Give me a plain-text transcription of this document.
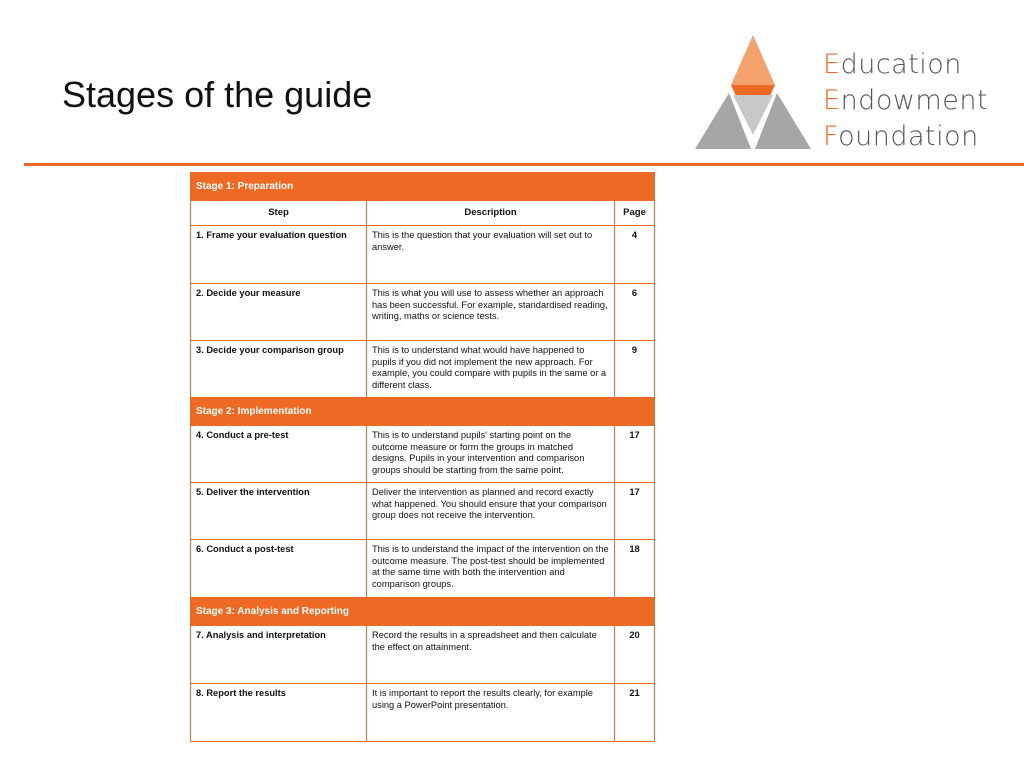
Stages of the guide
Education
Endowment
Foundation
Stage 1: Preparation		
Step	Description	Page
1. Frame your evaluation question	This is the question that your evaluation will set out to answer.	4
2. Decide your measure	This is what you will use to assess whether an approach has been successful. For example, standardised reading, writing, maths or science tests.	6
3. Decide your comparison group	This is to understand what would have happened to pupils if you did not implement the new approach. For example, you could compare with pupils in the same or a different class.	9
Stage 2: Implementation		
4. Conduct a pre-test	This is to understand pupils' starting point on the outcome measure or form the groups in matched designs. Pupils in your intervention and comparison groups should be starting from the same point.	17
5. Deliver the intervention	Deliver the intervention as planned and record exactly what happened. You should ensure that your comparison group does not receive the intervention.	17
6. Conduct a post-test	This is to understand the impact of the intervention on the outcome measure. The post-test should be implemented at the same time with both the intervention and comparison groups.	18
Stage 3: Analysis and Reporting		
7. Analysis and interpretation	Record the results in a spreadsheet and then calculate the effect on attainment.	20
8. Report the results	It is important to report the results clearly, for example using a PowerPoint presentation.	21
